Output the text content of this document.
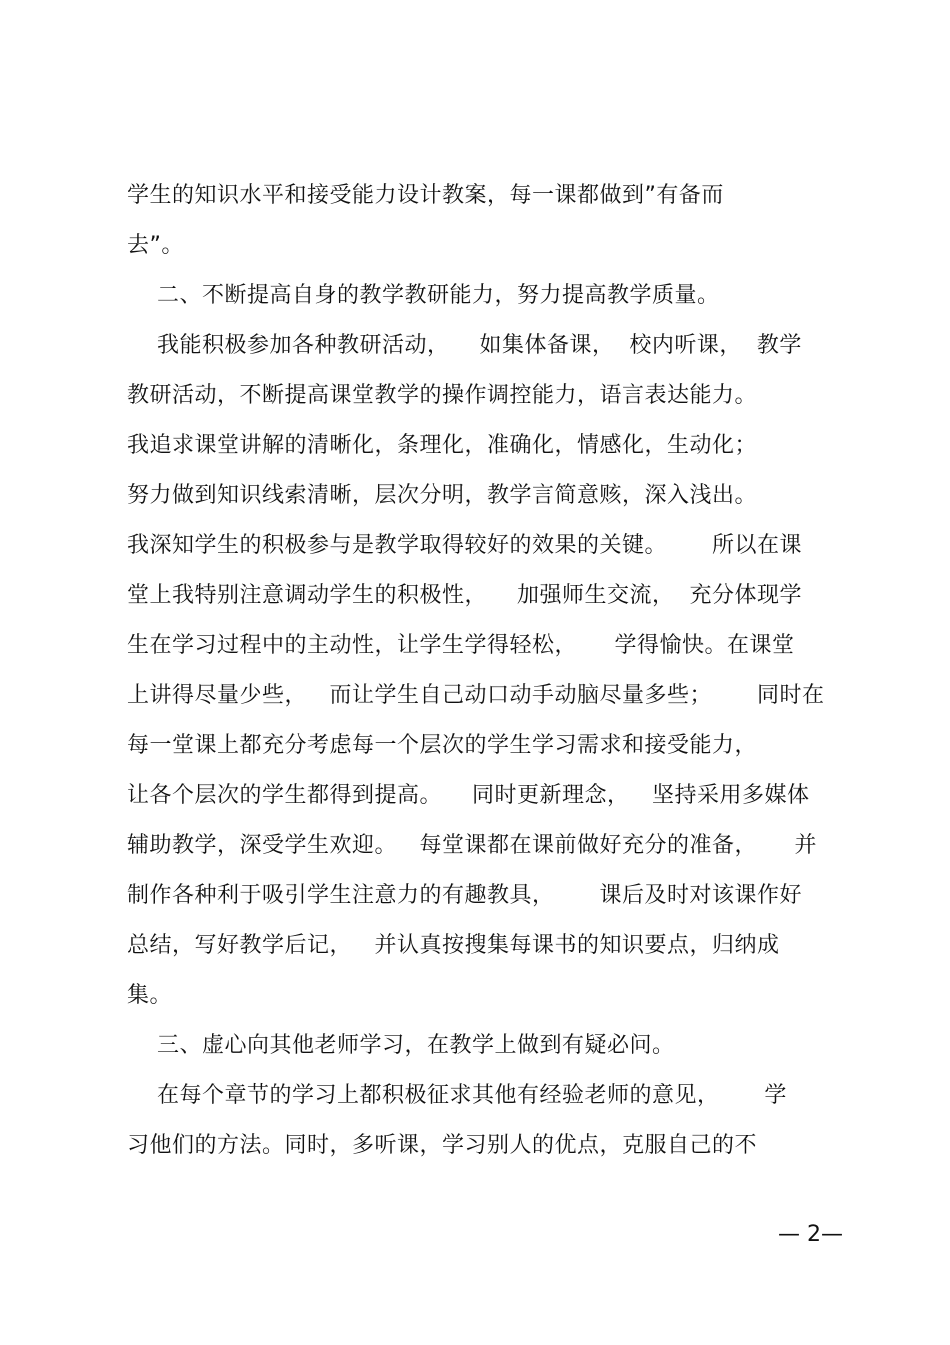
学生的知识水平和接受能力设计教案，每一课都做到”有备而
去”。
二、不断提高自身的教学教研能力，努力提高教学质量。
我能积极参加各种教研活动，    如集体备课，  校内听课，  教学
教研活动，不断提高课堂教学的操作调控能力，语言表达能力。
我追求课堂讲解的清晰化，条理化，准确化，情感化，生动化；
努力做到知识线索清晰，层次分明，教学言简意赅，深入浅出。
我深知学生的积极参与是教学取得较好的效果的关键。      所以在课
堂上我特别注意调动学生的积极性，    加强师生交流，  充分体现学
生在学习过程中的主动性，让学生学得轻松，     学得愉快。在课堂
上讲得尽量少些，   而让学生自己动口动手动脑尽量多些；      同时在
每一堂课上都充分考虑每一个层次的学生学习需求和接受能力，
让各个层次的学生都得到提高。    同时更新理念，   坚持采用多媒体
辅助教学，深受学生欢迎。   每堂课都在课前做好充分的准备，     并
制作各种利于吸引学生注意力的有趣教具，      课后及时对该课作好
总结，写好教学后记，   并认真按搜集每课书的知识要点，归纳成
集。
三、虚心向其他老师学习，在教学上做到有疑必问。
在每个章节的学习上都积极征求其他有经验老师的意见，      学
习他们的方法。同时，多听课，学习别人的优点，克服自己的不
— 2—
